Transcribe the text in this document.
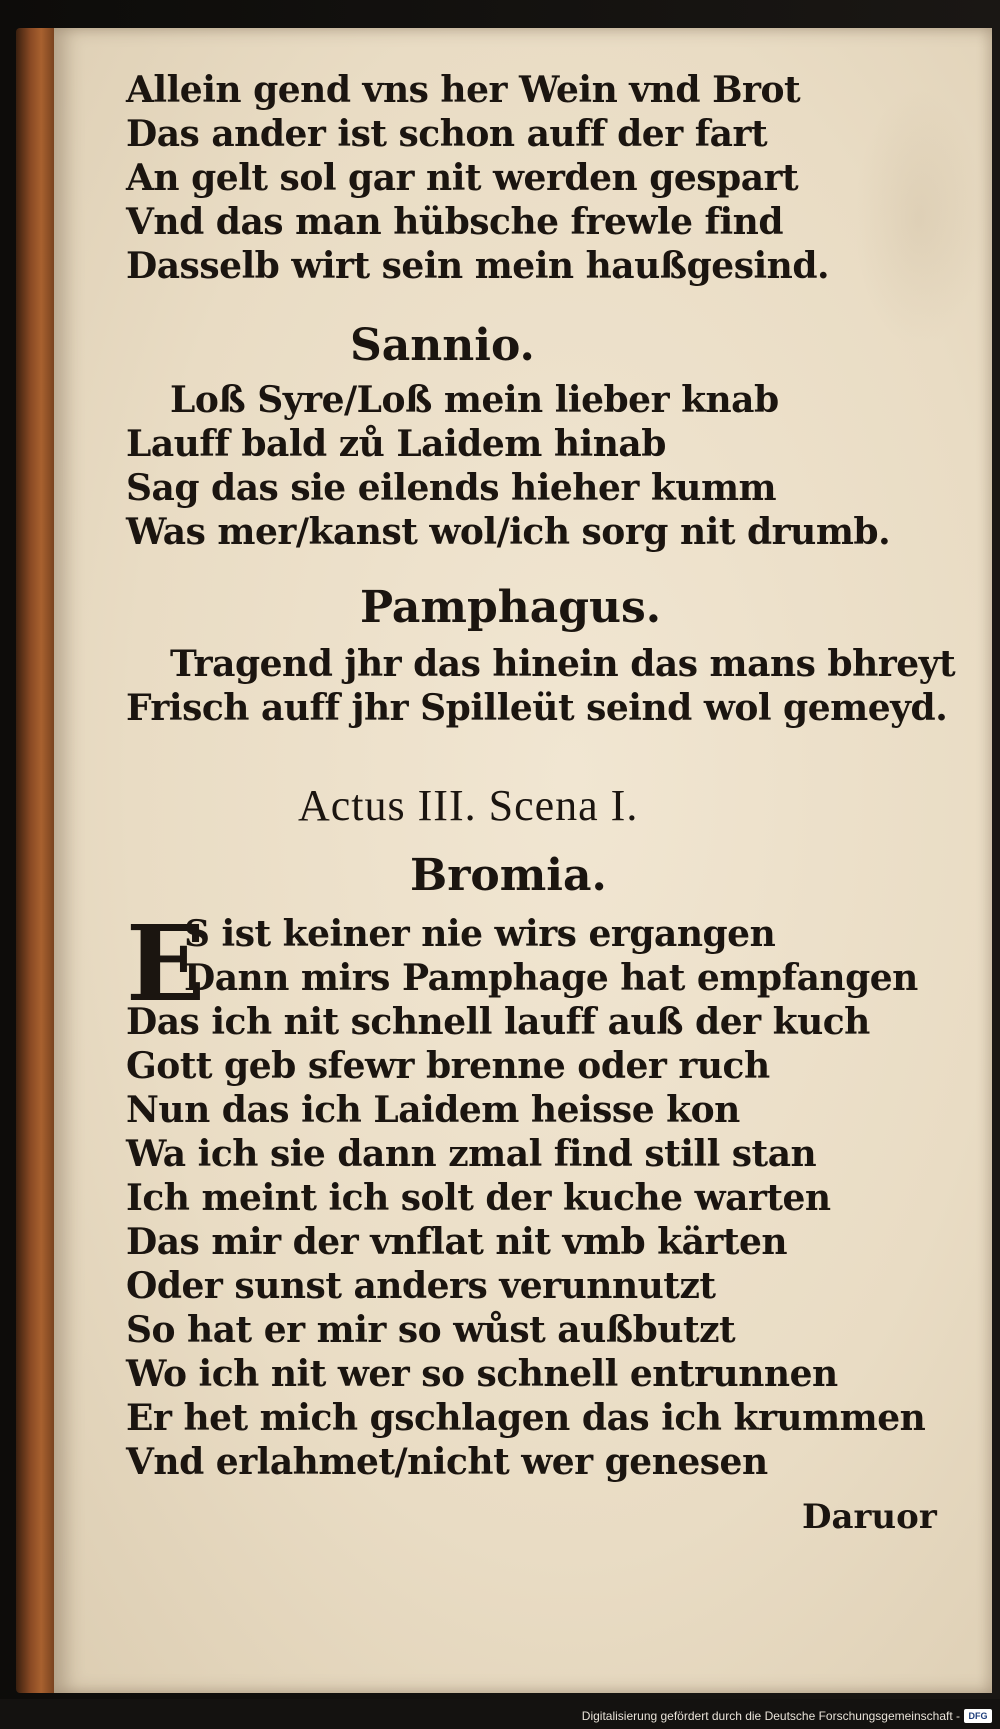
Allein gend vns her Wein vnd Brot
Das ander ist schon auff der fart
An gelt sol gar nit werden gespart
Vnd das man hübsche frewle find
Dasselb wirt sein mein haußgesind.
Sannio.
Loß Syre/Loß mein lieber knab
Lauff bald zů Laidem hinab
Sag das sie eilends hieher kumm
Was mer/kanst wol/ich sorg nit drumb.
Pamphagus.
Tragend jhr das hinein das mans bhreyt
Frisch auff jhr Spilleüt seind wol gemeyd.
Actus III. Scena I.
Bromia.
E
S ist keiner nie wirs ergangen
Dann mirs Pamphage hat empfangen
Das ich nit schnell lauff auß der kuch
Gott geb sfewr brenne oder ruch
Nun das ich Laidem heisse kon
Wa ich sie dann zmal find still stan
Ich meint ich solt der kuche warten
Das mir der vnflat nit vmb kärten
Oder sunst anders verunnutzt
So hat er mir so wůst außbutzt
Wo ich nit wer so schnell entrunnen
Er het mich gschlagen das ich krummen
Vnd erlahmet/nicht wer genesen
Daruor
Digitalisierung gefördert durch die Deutsche Forschungsgemeinschaft - DFG
